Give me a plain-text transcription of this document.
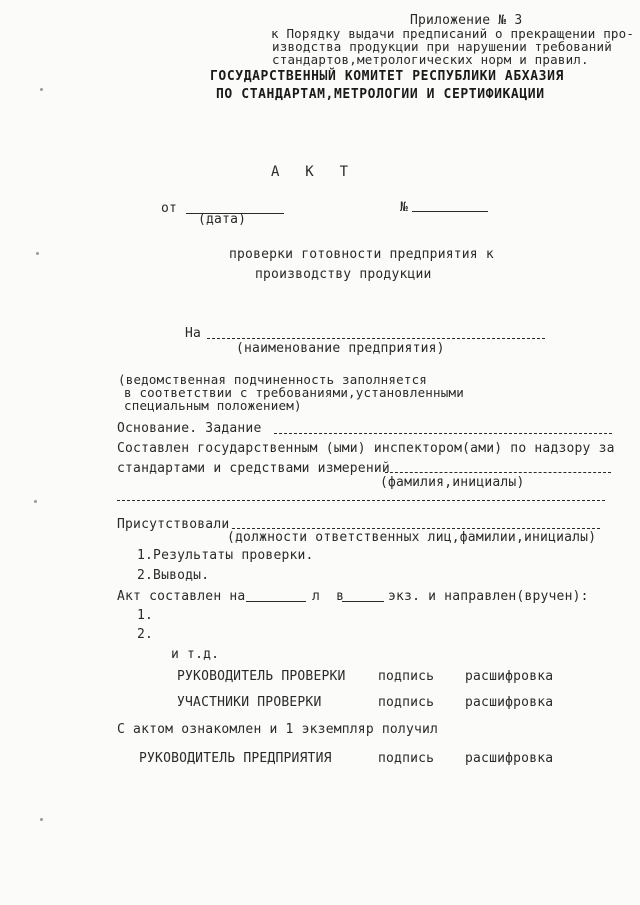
Приложение № 3
к Порядку выдачи предписаний о прекращении про-
изводства продукции при нарушении требований
стандартов,метрологических норм и правил.
ГОСУДАРСТВЕННЫЙ КОМИТЕТ РЕСПУБЛИКИ АБХАЗИЯ
ПО СТАНДАРТАМ,МЕТРОЛОГИИ И СЕРТИФИКАЦИИ
А  К  Т
от
(дата)
№
проверки готовности предприятия к
производству продукции
На
(наименование предприятия)
(ведомственная подчиненность заполняется
в соответствии с требованиями,установленными
специальным положением)
Основание. Задание
Составлен государственным (ыми) инспектором(ами) по надзору за
стандартами и средствами измерений
(фамилия,инициалы)
Присутствовали
(должности ответственных лиц,фамилии,инициалы)
1.Результаты проверки.
2.Выводы.
Акт составлен на	л  в	экз. и направлен(вручен):
1.
2.
и т.д.
РУКОВОДИТЕЛЬ ПРОВЕРКИ подпись расшифровка
УЧАСТНИКИ ПРОВЕРКИ	подпись расшифровка
С актом ознакомлен и 1 экземпляр получил
РУКОВОДИТЕЛЬ ПРЕДПРИЯТИЯ	подпись расшифровка
